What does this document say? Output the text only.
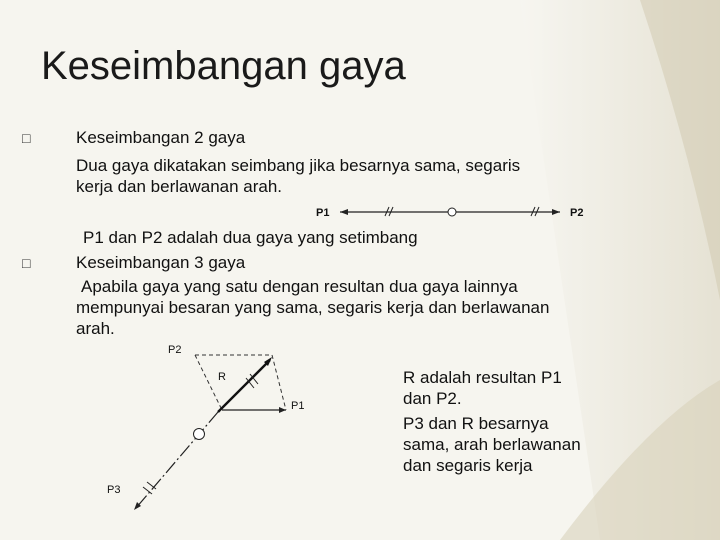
Keseimbangan gaya
□	Keseimbangan 2 gaya
Dua gaya dikatakan seimbang jika besarnya sama, segaris
kerja dan berlawanan arah.
P1	P2
P1 dan P2 adalah dua gaya yang setimbang
□	Keseimbangan 3 gaya
Apabila gaya yang satu dengan resultan dua gaya lainnya
mempunyai besaran yang sama, segaris kerja dan berlawanan
arah.
P2
R
P1
P3
R adalah resultan P1
dan P2.
P3 dan R besarnya
sama, arah berlawanan
dan segaris kerja
